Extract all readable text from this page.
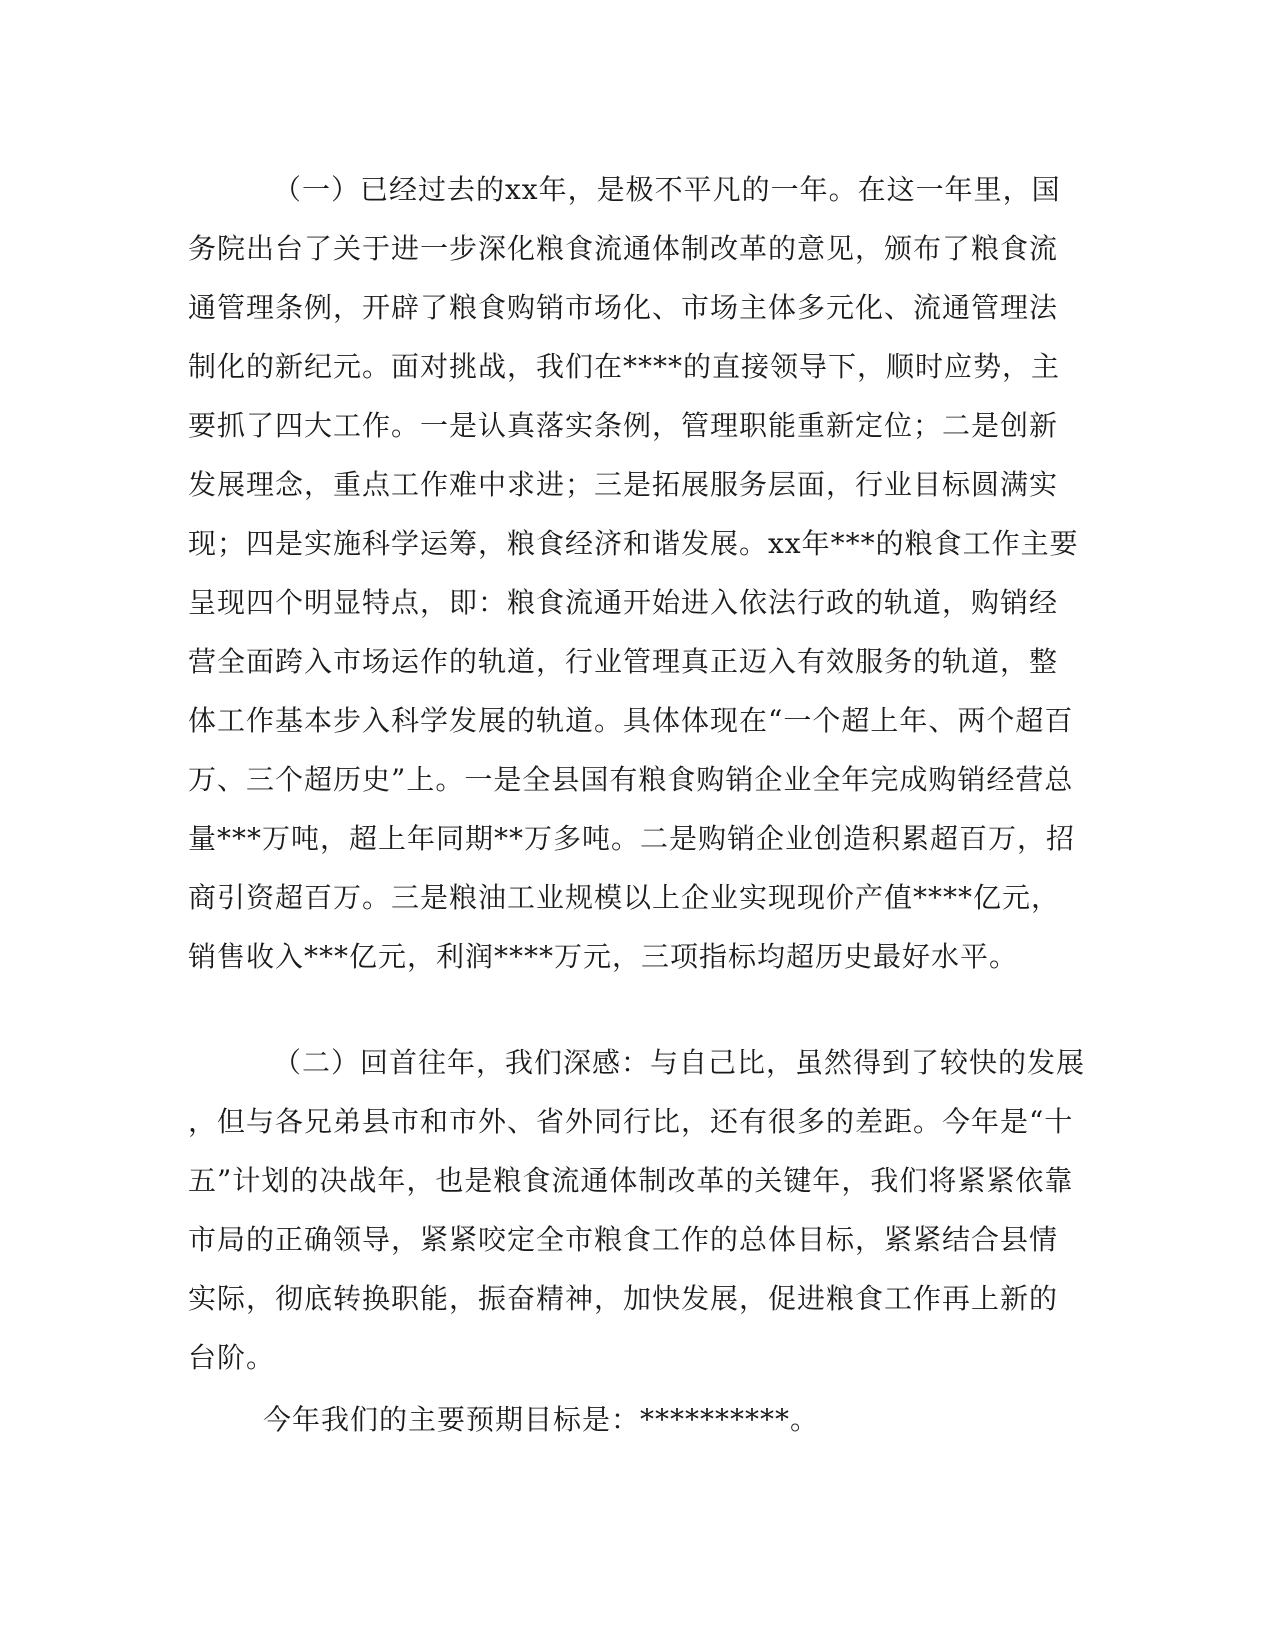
（一）已经过去的xx年，是极不平凡的一年。在这一年里，国
务院出台了关于进一步深化粮食流通体制改革的意见，颁布了粮食流
通管理条例，开辟了粮食购销市场化、市场主体多元化、流通管理法
制化的新纪元。面对挑战，我们在****的直接领导下，顺时应势，主
要抓了四大工作。一是认真落实条例，管理职能重新定位；二是创新
发展理念，重点工作难中求进；三是拓展服务层面，行业目标圆满实
现；四是实施科学运筹，粮食经济和谐发展。xx年***的粮食工作主要
呈现四个明显特点，即：粮食流通开始进入依法行政的轨道，购销经
营全面跨入市场运作的轨道，行业管理真正迈入有效服务的轨道，整
体工作基本步入科学发展的轨道。具体体现在“一个超上年、两个超百
万、三个超历史”上。一是全县国有粮食购销企业全年完成购销经营总
量***万吨，超上年同期**万多吨。二是购销企业创造积累超百万，招
商引资超百万。三是粮油工业规模以上企业实现现价产值****亿元，
销售收入***亿元，利润****万元，三项指标均超历史最好水平。
（二）回首往年，我们深感：与自己比，虽然得到了较快的发展
，但与各兄弟县市和市外、省外同行比，还有很多的差距。今年是“十
五”计划的决战年，也是粮食流通体制改革的关键年，我们将紧紧依靠
市局的正确领导，紧紧咬定全市粮食工作的总体目标，紧紧结合县情
实际，彻底转换职能，振奋精神，加快发展，促进粮食工作再上新的
台阶。
今年我们的主要预期目标是：**********。
